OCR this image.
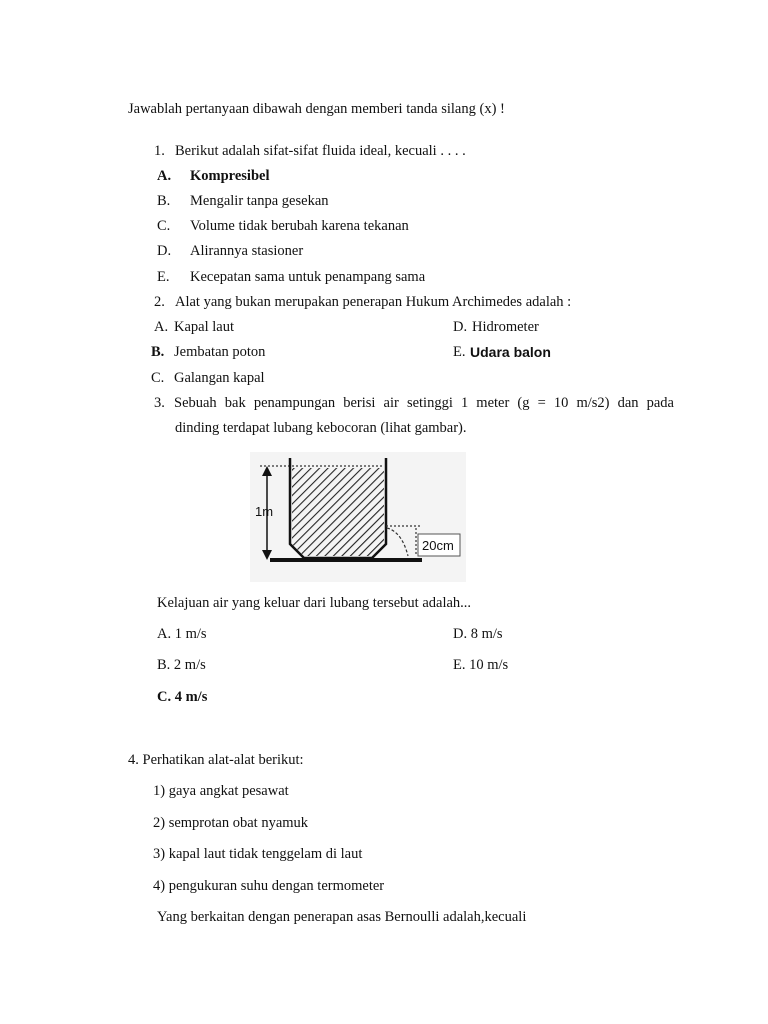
Jawablah pertanyaan dibawah dengan memberi tanda silang (x) !
1. Berikut adalah sifat-sifat fluida ideal, kecuali . . . .
A. Kompresibel
B. Mengalir tanpa gesekan
C. Volume tidak berubah karena tekanan
D. Alirannya stasioner
E. Kecepatan sama untuk penampang sama
2. Alat yang bukan merupakan penerapan Hukum Archimedes adalah :
A. Kapal laut	D. Hidrometer
B. Jembatan poton	E. Udara balon
C. Galangan kapal
3. Sebuah bak penampungan berisi air setinggi 1 meter (g = 10 m/s2) dan pada
dinding terdapat lubang kebocoran (lihat gambar).
1m
20cm
Kelajuan air yang keluar dari lubang tersebut adalah...
A. 1 m/s	D. 8 m/s
B. 2 m/s	E. 10 m/s
C. 4 m/s
4. Perhatikan alat-alat berikut:
1) gaya angkat pesawat
2) semprotan obat nyamuk
3) kapal laut tidak tenggelam di laut
4) pengukuran suhu dengan termometer
Yang berkaitan dengan penerapan asas Bernoulli adalah,kecuali
